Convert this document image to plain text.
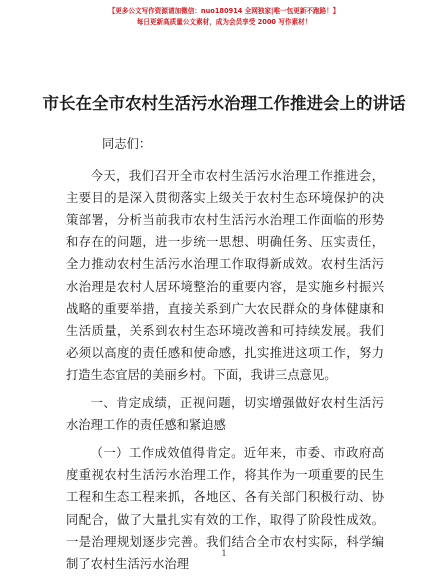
【更多公文写作资源请加微信：nuo180914 全网独家|唯一包更新不跑路！】
每日更新高质量公文素材，成为会员享受 2000 写作素材！
市长在全市农村生活污水治理工作推进会上的讲话
同志们：

今天，我们召开全市农村生活污水治理工作推进会，主要目的是深入贯彻落实上级关于农村生态环境保护的决策部署，分析当前我市农村生活污水治理工作面临的形势和存在的问题，进一步统一思想、明确任务、压实责任，全力推动农村生活污水治理工作取得新成效。农村生活污水治理是农村人居环境整治的重要内容，是实施乡村振兴战略的重要举措，直接关系到广大农民群众的身体健康和生活质量，关系到农村生态环境改善和可持续发展。我们必须以高度的责任感和使命感，扎实推进这项工作，努力打造生态宜居的美丽乡村。下面，我讲三点意见。

一、肯定成绩，正视问题，切实增强做好农村生活污水治理工作的责任感和紧迫感

（一）工作成效值得肯定。近年来，市委、市政府高度重视农村生活污水治理工作，将其作为一项重要的民生工程和生态工程来抓，各地区、各有关部门积极行动、协同配合，做了大量扎实有效的工作，取得了阶段性成效。一是治理规划逐步完善。我们结合全市农村实际，科学编制了农村生活污水治理

1
